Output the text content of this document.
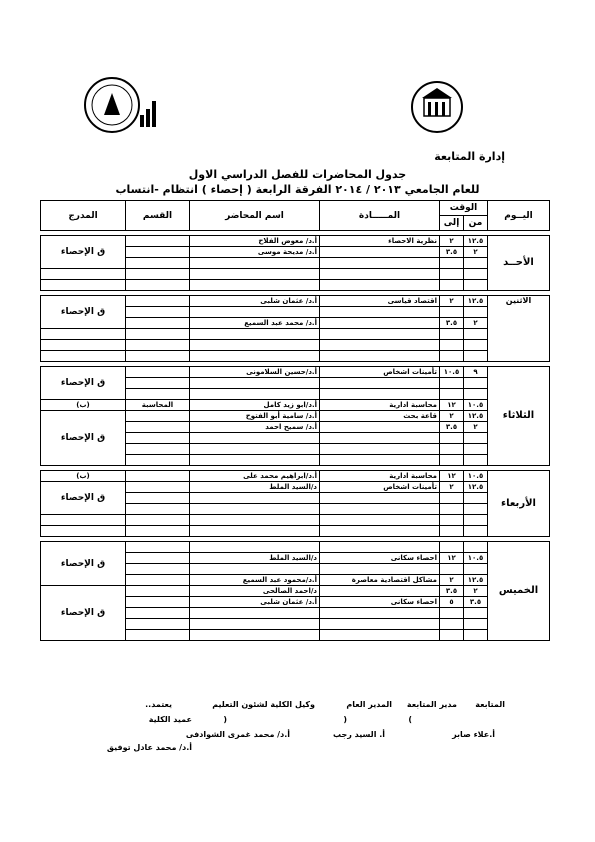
إدارة المتابعة
جدول المحاضرات للفصل الدراسي الاول
للعام الجامعي ٢٠١٣ / ٢٠١٤ الفرقة الرابعة ( إحصاء ) انتظام -انتساب
اليــوم	الوقت		المـــــادة	اسم المحاضر	القسم	المدرج
	من	إلى				

الأحــد	١٢.٥	٢	نظرية الاحصاء	أ.د/ معوض الفلاح		ق الإحصاء
	٢	٣.٥		أ.د/ مديحة موسى		

الاثنين	١٢.٥	٢	اقتصاد قياسى	أ.د/ عثمان شلبى		ق الإحصاء

	٢	٣.٥		أ.د/ محمد عبد السميع		

الثلاثاء	٩	١٠.٥	تأمينات اشخاص	أ.د/حسين السلامونى		ق الإحصاء

	١٠.٥	١٢	محاسبة ادارية	أ.د/ابو زيد كامل	المحاسبة	(ب)
	١٢.٥	٢	قاعة بحث	أ.د/ سامية أبو الفتوح		ق الإحصاء
	٢	٣.٥		أ.د/ سميح احمد		

الأربعاء	١٠.٥	١٢	محاسبة ادارية	أ.د/ابراهيم محمد على		(ب)
	١٢.٥	٢	تأمينات اشخاص	د/السيد الملط		ق الإحصاء

الخميس						ق الإحصاء
	١٠.٥	١٢	احصاء سكانى	د/السيد الملط		

	١٢.٥	٢	مشاكل اقتصادية معاصرة	أ.د/محمود عبد السميع		
	٢	٣.٥		د/احمد الصالحى		ق الإحصاء
	٣.٥	٥	احصاء سكانى	أ.د/ عثمان شلبى		

المتابعة
مدير المتابعة
المدير العام
وكيل الكلية لشئون التعليم
يعتمد..
)
(
(
عميد الكلية
أ.علاء صابر
أ. السيد رجب
أ.د/ محمد غمرى الشوادفى
أ.د/ محمد عادل توفيق
